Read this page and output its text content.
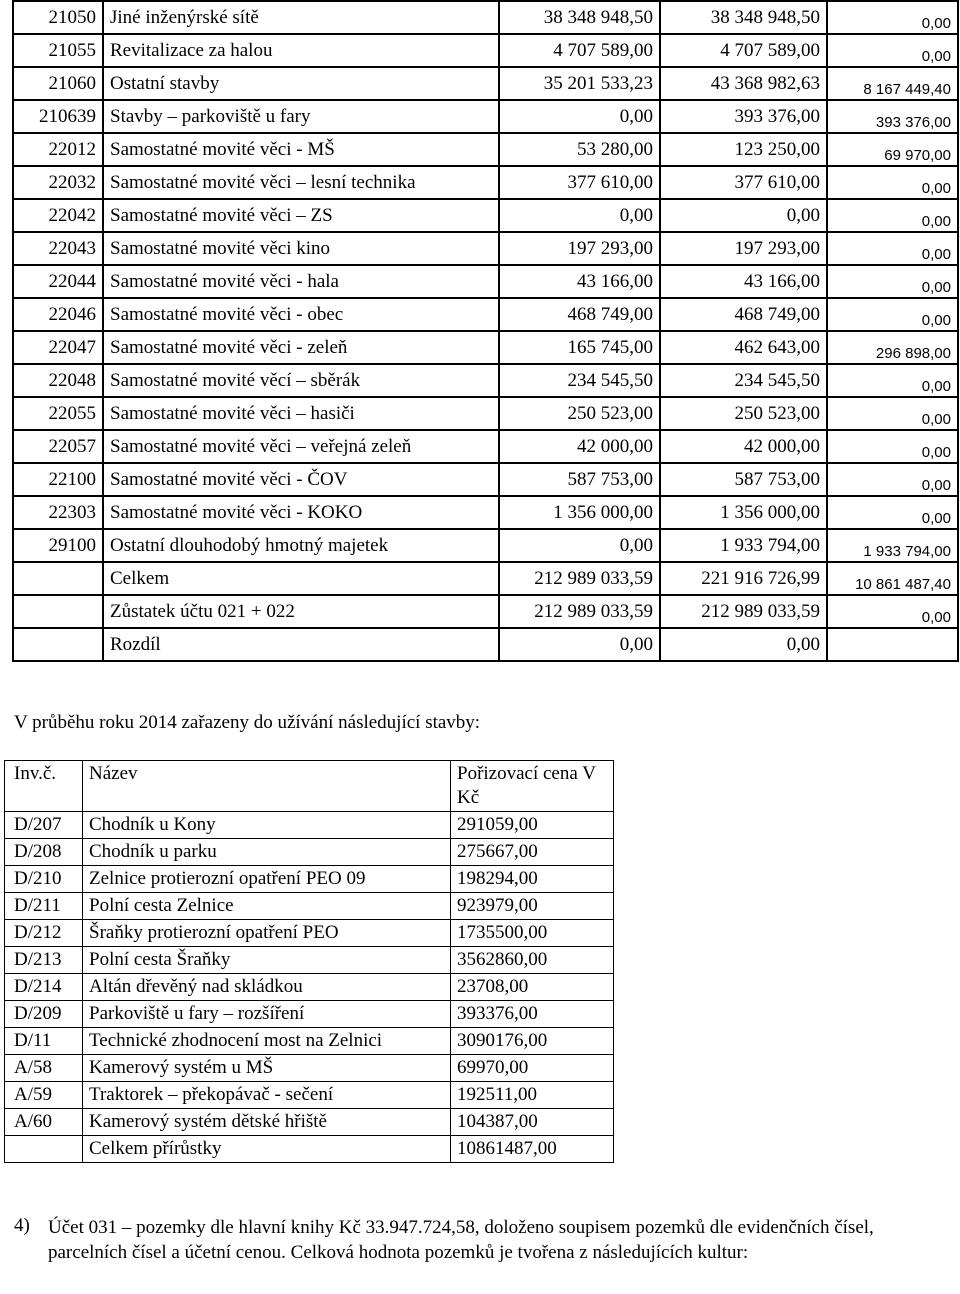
21050	Jiné inženýrské sítě	38 348 948,50	38 348 948,50	0,00
21055	Revitalizace za halou	4 707 589,00	4 707 589,00	0,00
21060	Ostatní stavby	35 201 533,23	43 368 982,63	8 167 449,40
210639	Stavby – parkoviště u fary	0,00	393 376,00	393 376,00
22012	Samostatné movité věci - MŠ	53 280,00	123 250,00	69 970,00
22032	Samostatné movité věci – lesní technika	377 610,00	377 610,00	0,00
22042	Samostatné movité věci – ZS	0,00	0,00	0,00
22043	Samostatné movité věci kino	197 293,00	197 293,00	0,00
22044	Samostatné movité věci - hala	43 166,00	43 166,00	0,00
22046	Samostatné movité věci - obec	468 749,00	468 749,00	0,00
22047	Samostatné movité věci - zeleň	165 745,00	462 643,00	296 898,00
22048	Samostatné movité věcí – sběrák	234 545,50	234 545,50	0,00
22055	Samostatné movité věci – hasiči	250 523,00	250 523,00	0,00
22057	Samostatné movité věci – veřejná zeleň	42 000,00	42 000,00	0,00
22100	Samostatné movité věci - ČOV	587 753,00	587 753,00	0,00
22303	Samostatné movité věci - KOKO	1 356 000,00	1 356 000,00	0,00
29100	Ostatní dlouhodobý hmotný majetek	0,00	1 933 794,00	1 933 794,00
	Celkem	212 989 033,59	221 916 726,99	10 861 487,40
	Zůstatek účtu 021 + 022	212 989 033,59	212 989 033,59	0,00
	Rozdíl	0,00	0,00	
V průběhu roku 2014 zařazeny do užívání následující stavby:
Inv.č.	Název	Pořizovací cena V Kč
D/207	Chodník u Kony	291059,00
D/208	Chodník u parku	275667,00
D/210	Zelnice protierozní opatření PEO 09	198294,00
D/211	Polní cesta Zelnice	923979,00
D/212	Šraňky protierozní opatření PEO	1735500,00
D/213	Polní cesta Šraňky	3562860,00
D/214	Altán dřevěný nad skládkou	23708,00
D/209	Parkoviště u fary – rozšíření	393376,00
D/11	Technické zhodnocení most na Zelnici	3090176,00
A/58	Kamerový systém u MŠ	69970,00
A/59	Traktorek – překopávač - sečení	192511,00
A/60	Kamerový systém dětské hřiště	104387,00
	Celkem přírůstky	10861487,00
4) Účet 031 – pozemky dle hlavní knihy Kč 33.947.724,58, doloženo soupisem pozemků dle evidenčních čísel, parcelních čísel a účetní cenou. Celková hodnota pozemků je tvořena z následujících kultur:
